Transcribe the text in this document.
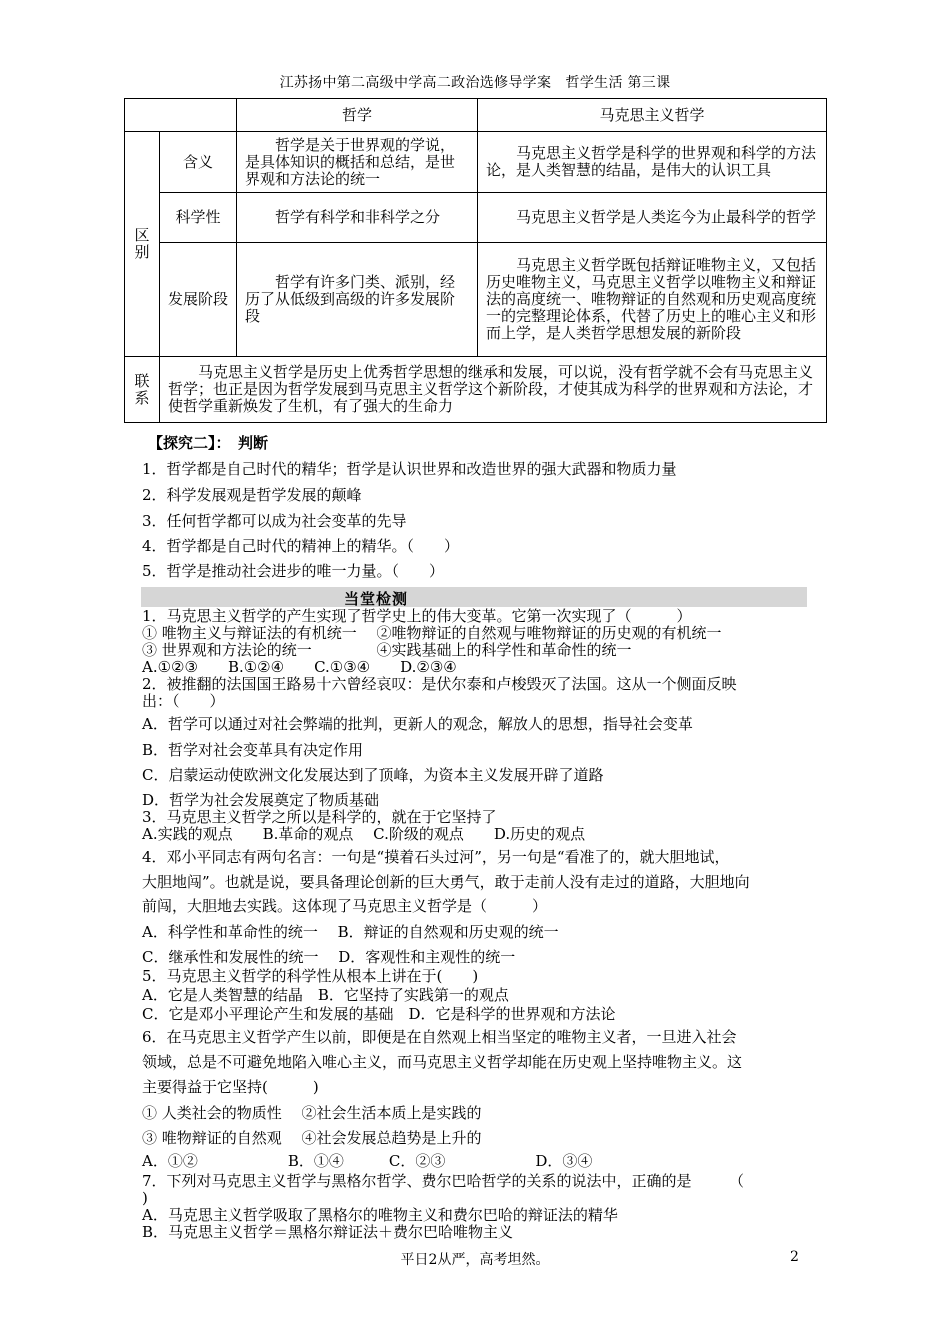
江苏扬中第二高级中学高二政治选修导学案　哲学生活 第三课
		哲学	马克思主义哲学
区别	含义	哲学是关于世界观的学说，是具体知识的概括和总结，是世界观和方法论的统一	马克思主义哲学是科学的世界观和科学的方法论，是人类智慧的结晶，是伟大的认识工具
	科学性	哲学有科学和非科学之分	马克思主义哲学是人类迄今为止最科学的哲学
	发展阶段	哲学有许多门类、派别，经历了从低级到高级的许多发展阶段	马克思主义哲学既包括辩证唯物主义，又包括历史唯物主义，马克思主义哲学以唯物主义和辩证法的高度统一、唯物辩证的自然观和历史观高度统一的完整理论体系，代替了历史上的唯心主义和形而上学，是人类哲学思想发展的新阶段
联系	马克思主义哲学是历史上优秀哲学思想的继承和发展，可以说，没有哲学就不会有马克思主义哲学；也正是因为哲学发展到马克思主义哲学这个新阶段，才使其成为科学的世界观和方法论，才使哲学重新焕发了生机，有了强大的生命力		
【探究二】：　判断
1．哲学都是自己时代的精华；哲学是认识世界和改造世界的强大武器和物质力量
2．科学发展观是哲学发展的颠峰
3．任何哲学都可以成为社会变革的先导
4．哲学都是自己时代的精神上的精华。（　　）
5．哲学是推动社会进步的唯一力量。（　　）
当堂检测
1．马克思主义哲学的产生实现了哲学史上的伟大变革。它第一次实现了（　　　）
① 唯物主义与辩证法的有机统一　 ②唯物辩证的自然观与唯物辩证的历史观的有机统一
③ 世界观和方法论的统一　　　　 ④实践基础上的科学性和革命性的统一
A.①②③　　B.①②④　　C.①③④　　D.②③④
2．被推翻的法国国王路易十六曾经哀叹：是伏尔泰和卢梭毁灭了法国。这从一个侧面反映
出：（　　）
A．哲学可以通过对社会弊端的批判，更新人的观念，解放人的思想，指导社会变革
B．哲学对社会变革具有决定作用
C．启蒙运动使欧洲文化发展达到了顶峰，为资本主义发展开辟了道路
D．哲学为社会发展奠定了物质基础
3．马克思主义哲学之所以是科学的，就在于它坚持了
A.实践的观点　　B.革命的观点　 C.阶级的观点　　D.历史的观点
4．邓小平同志有两句名言：一句是“摸着石头过河”，另一句是“看准了的，就大胆地试，
大胆地闯”。也就是说，要具备理论创新的巨大勇气，敢于走前人没有走过的道路，大胆地向
前闯，大胆地去实践。这体现了马克思主义哲学是（　　　）
A．科学性和革命性的统一　 B．辩证的自然观和历史观的统一
C．继承性和发展性的统一　 D．客观性和主观性的统一
5．马克思主义哲学的科学性从根本上讲在于(　　)
A．它是人类智慧的结晶　B．它坚持了实践第一的观点
C．它是邓小平理论产生和发展的基础　D．它是科学的世界观和方法论
6．在马克思主义哲学产生以前，即便是在自然观上相当坚定的唯物主义者，一旦进入社会
领域，总是不可避免地陷入唯心主义，而马克思主义哲学却能在历史观上坚持唯物主义。这
主要得益于它坚持(　　　)
① 人类社会的物质性　 ②社会生活本质上是实践的
③ 唯物辩证的自然观　 ④社会发展总趋势是上升的
A．①②　　　　　　B．①④　　　C．②③　　　　　　D．③④
7．下列对马克思主义哲学与黑格尔哲学、费尔巴哈哲学的关系的说法中，正确的是　　　（
)
A．马克思主义哲学吸取了黑格尔的唯物主义和费尔巴哈的辩证法的精华
B．马克思主义哲学＝黑格尔辩证法＋费尔巴哈唯物主义
平日2从严，高考坦然。	2
